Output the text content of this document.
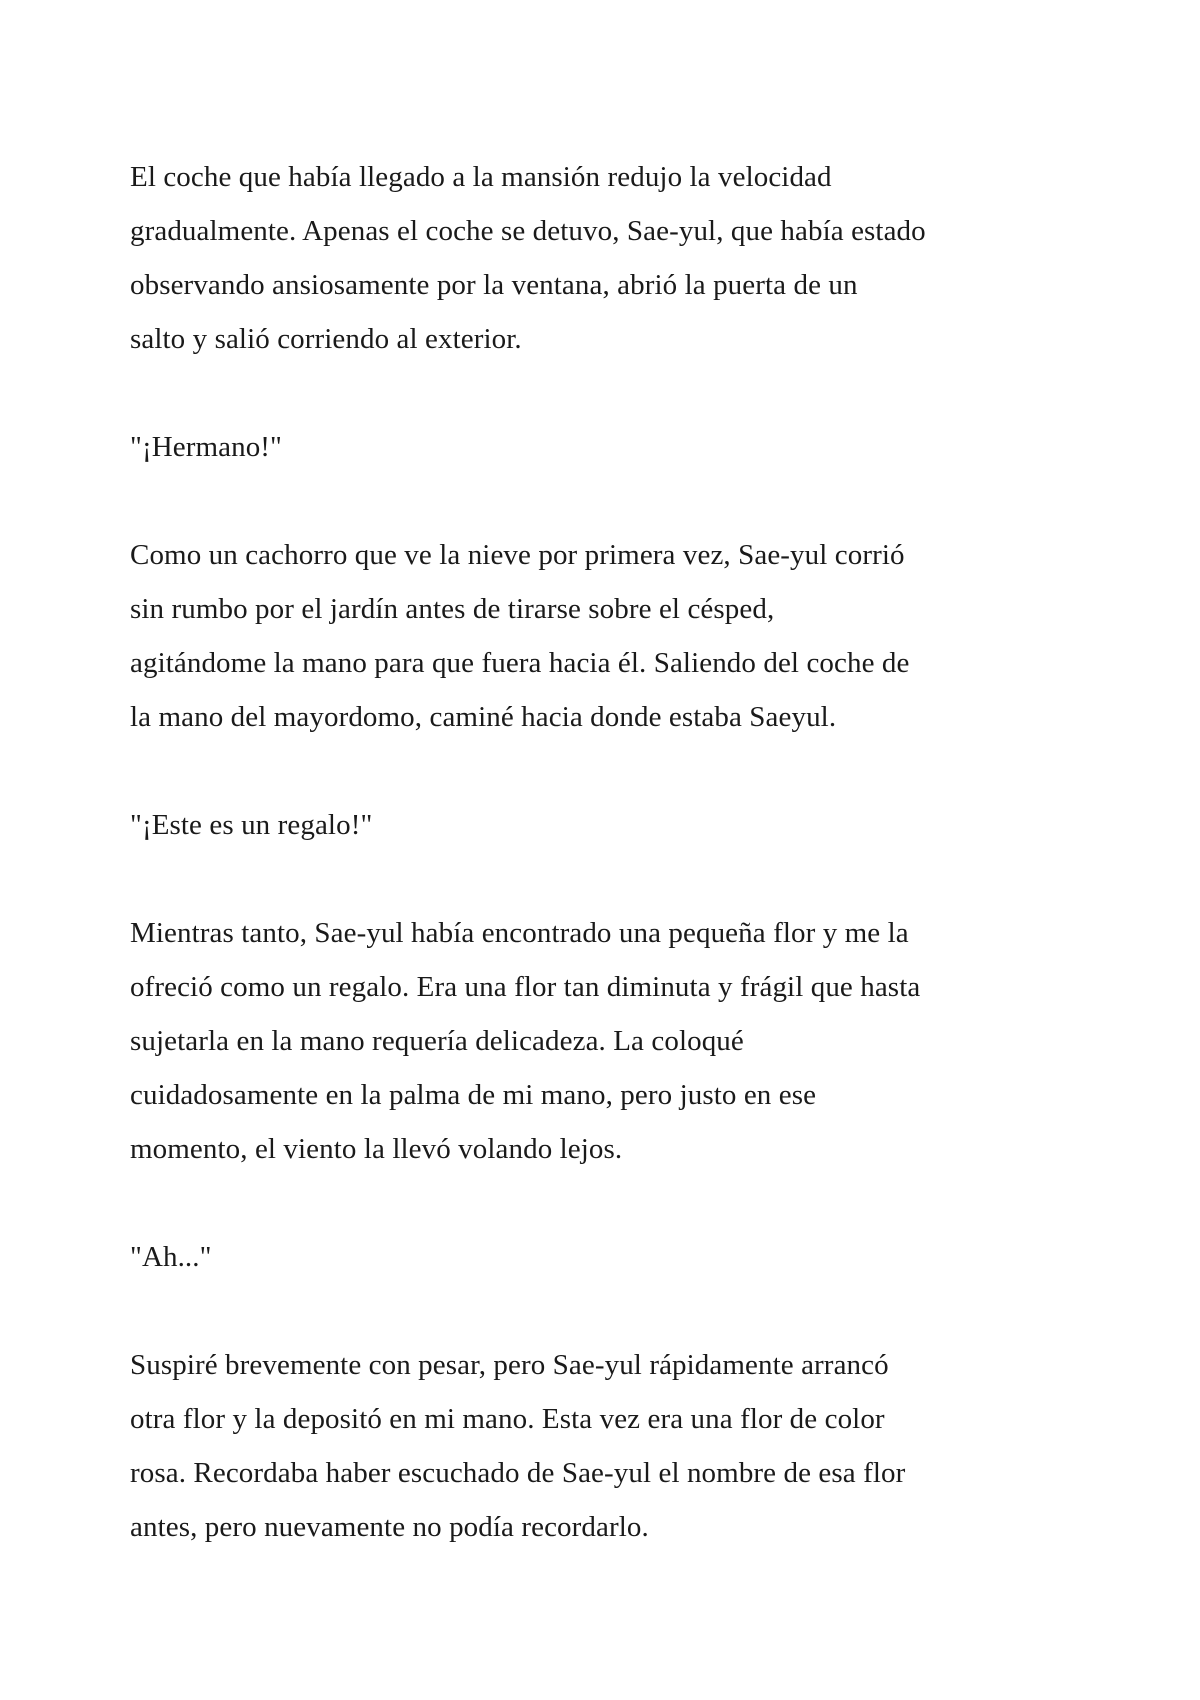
El coche que había llegado a la mansión redujo la velocidad
gradualmente. Apenas el coche se detuvo, Sae-yul, que había estado
observando ansiosamente por la ventana, abrió la puerta de un
salto y salió corriendo al exterior.

"¡Hermano!"

Como un cachorro que ve la nieve por primera vez, Sae-yul corrió
sin rumbo por el jardín antes de tirarse sobre el césped,
agitándome la mano para que fuera hacia él. Saliendo del coche de
la mano del mayordomo, caminé hacia donde estaba Saeyul.

"¡Este es un regalo!"

Mientras tanto, Sae-yul había encontrado una pequeña flor y me la
ofreció como un regalo. Era una flor tan diminuta y frágil que hasta
sujetarla en la mano requería delicadeza. La coloqué
cuidadosamente en la palma de mi mano, pero justo en ese
momento, el viento la llevó volando lejos.

"Ah..."

Suspiré brevemente con pesar, pero Sae-yul rápidamente arrancó
otra flor y la depositó en mi mano. Esta vez era una flor de color
rosa. Recordaba haber escuchado de Sae-yul el nombre de esa flor
antes, pero nuevamente no podía recordarlo.
